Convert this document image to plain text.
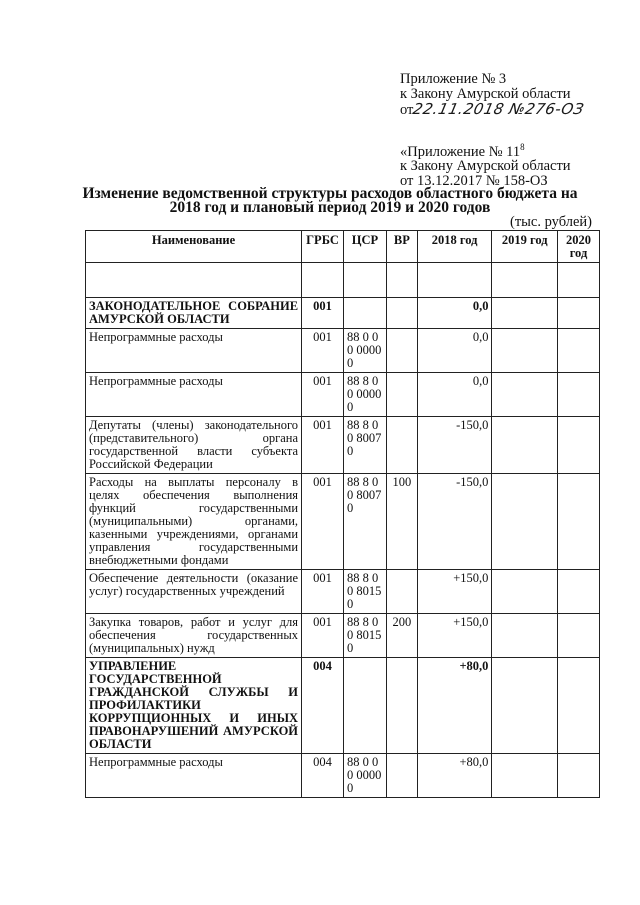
Приложение № 3
к Закону Амурской области
от22.11.2018 №276-ОЗ
«Приложение № $11^8$
к Закону Амурской области
от 13.12.2017 № 158-ОЗ
Изменение ведомственной структуры расходов областного бюджета на
2018 год и плановый период 2019 и 2020 годов
(тыс. рублей)
Наименование	ГРБС	ЦСР	ВР	2018 год	2019 год	2020 год

ЗАКОНОДАТЕЛЬНОЕ СОБРАНИЕ АМУРСКОЙ ОБЛАСТИ	001			0,0		
Непрограммные расходы	001	88 0 00 00000		0,0		
Непрограммные расходы	001	88 8 00 00000		0,0		
Депутаты (члены) законодательного (представительного) органа государственной власти субъекта Российской Федерации	001	88 8 00 80070		-150,0		
Расходы на выплаты персоналу в целях обеспечения выполнения функций государственными (муниципальными) органами, казенными учреждениями, органами управления государственными внебюджетными фондами	001	88 8 00 80070	100	-150,0		
Обеспечение деятельности (оказание услуг) государственных учреждений	001	88 8 00 80150		+150,0		
Закупка товаров, работ и услуг для обеспечения государственных (муниципальных) нужд	001	88 8 00 80150	200	+150,0		
УПРАВЛЕНИЕ ГОСУДАРСТВЕННОЙ ГРАЖДАНСКОЙ СЛУЖБЫ И ПРОФИЛАКТИКИ КОРРУПЦИОННЫХ И ИНЫХ ПРАВОНАРУШЕНИЙ АМУРСКОЙ ОБЛАСТИ	004			+80,0		
Непрограммные расходы	004	88 0 00 00000		+80,0		
